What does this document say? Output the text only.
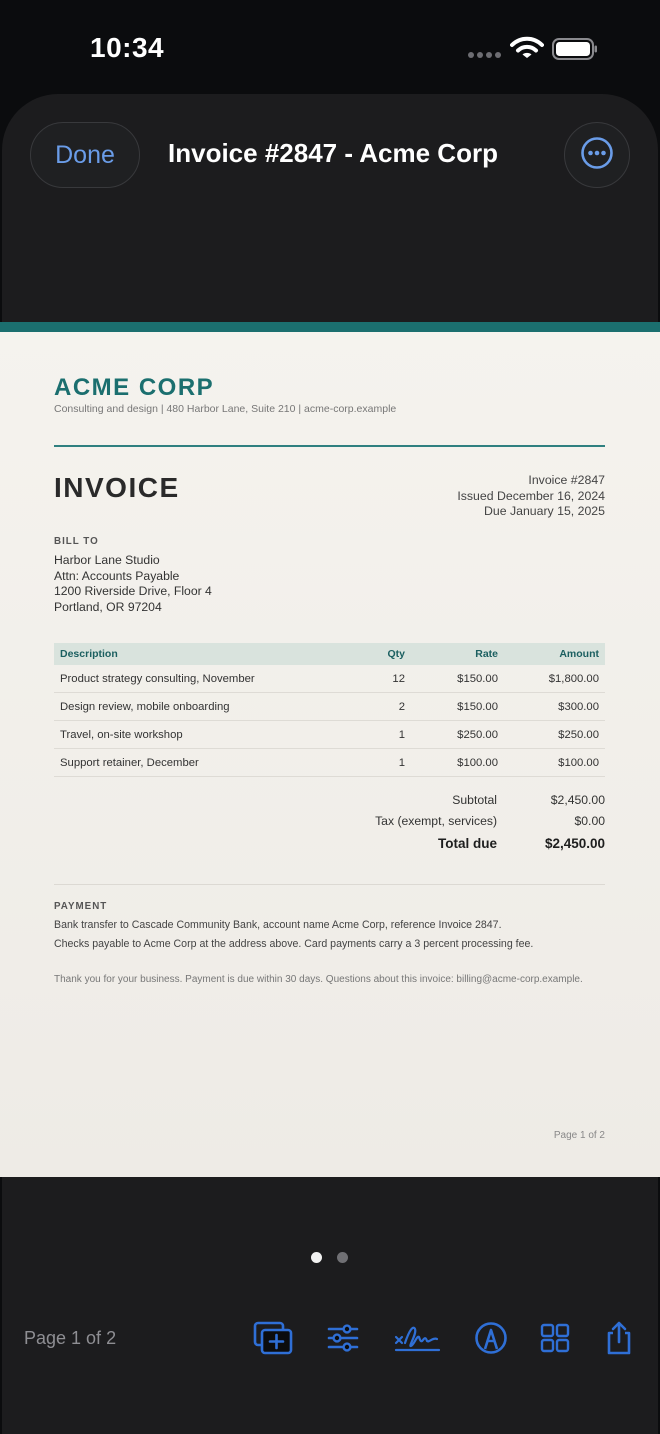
10:34
Done	Invoice #2847 - Acme Corp
ACME CORP
Consulting and design | 480 Harbor Lane, Suite 210 | acme-corp.example
INVOICE	Invoice #2847
Issued December 16, 2024
Due January 15, 2025
BILL TO
Harbor Lane Studio
Attn: Accounts Payable
1200 Riverside Drive, Floor 4
Portland, OR 97204
Description	Qty	Rate	Amount
Product strategy consulting, November	12	$150.00	$1,800.00
Design review, mobile onboarding	2	$150.00	$300.00
Travel, on-site workshop	1	$250.00	$250.00
Support retainer, December	1	$100.00	$100.00
Subtotal	$2,450.00
Tax (exempt, services)	$0.00
Total due	$2,450.00
PAYMENT
Bank transfer to Cascade Community Bank, account name Acme Corp, reference Invoice 2847.
Checks payable to Acme Corp at the address above. Card payments carry a 3 percent processing fee.
Thank you for your business. Payment is due within 30 days. Questions about this invoice: billing@acme-corp.example.
Page 1 of 2
Page 1 of 2
